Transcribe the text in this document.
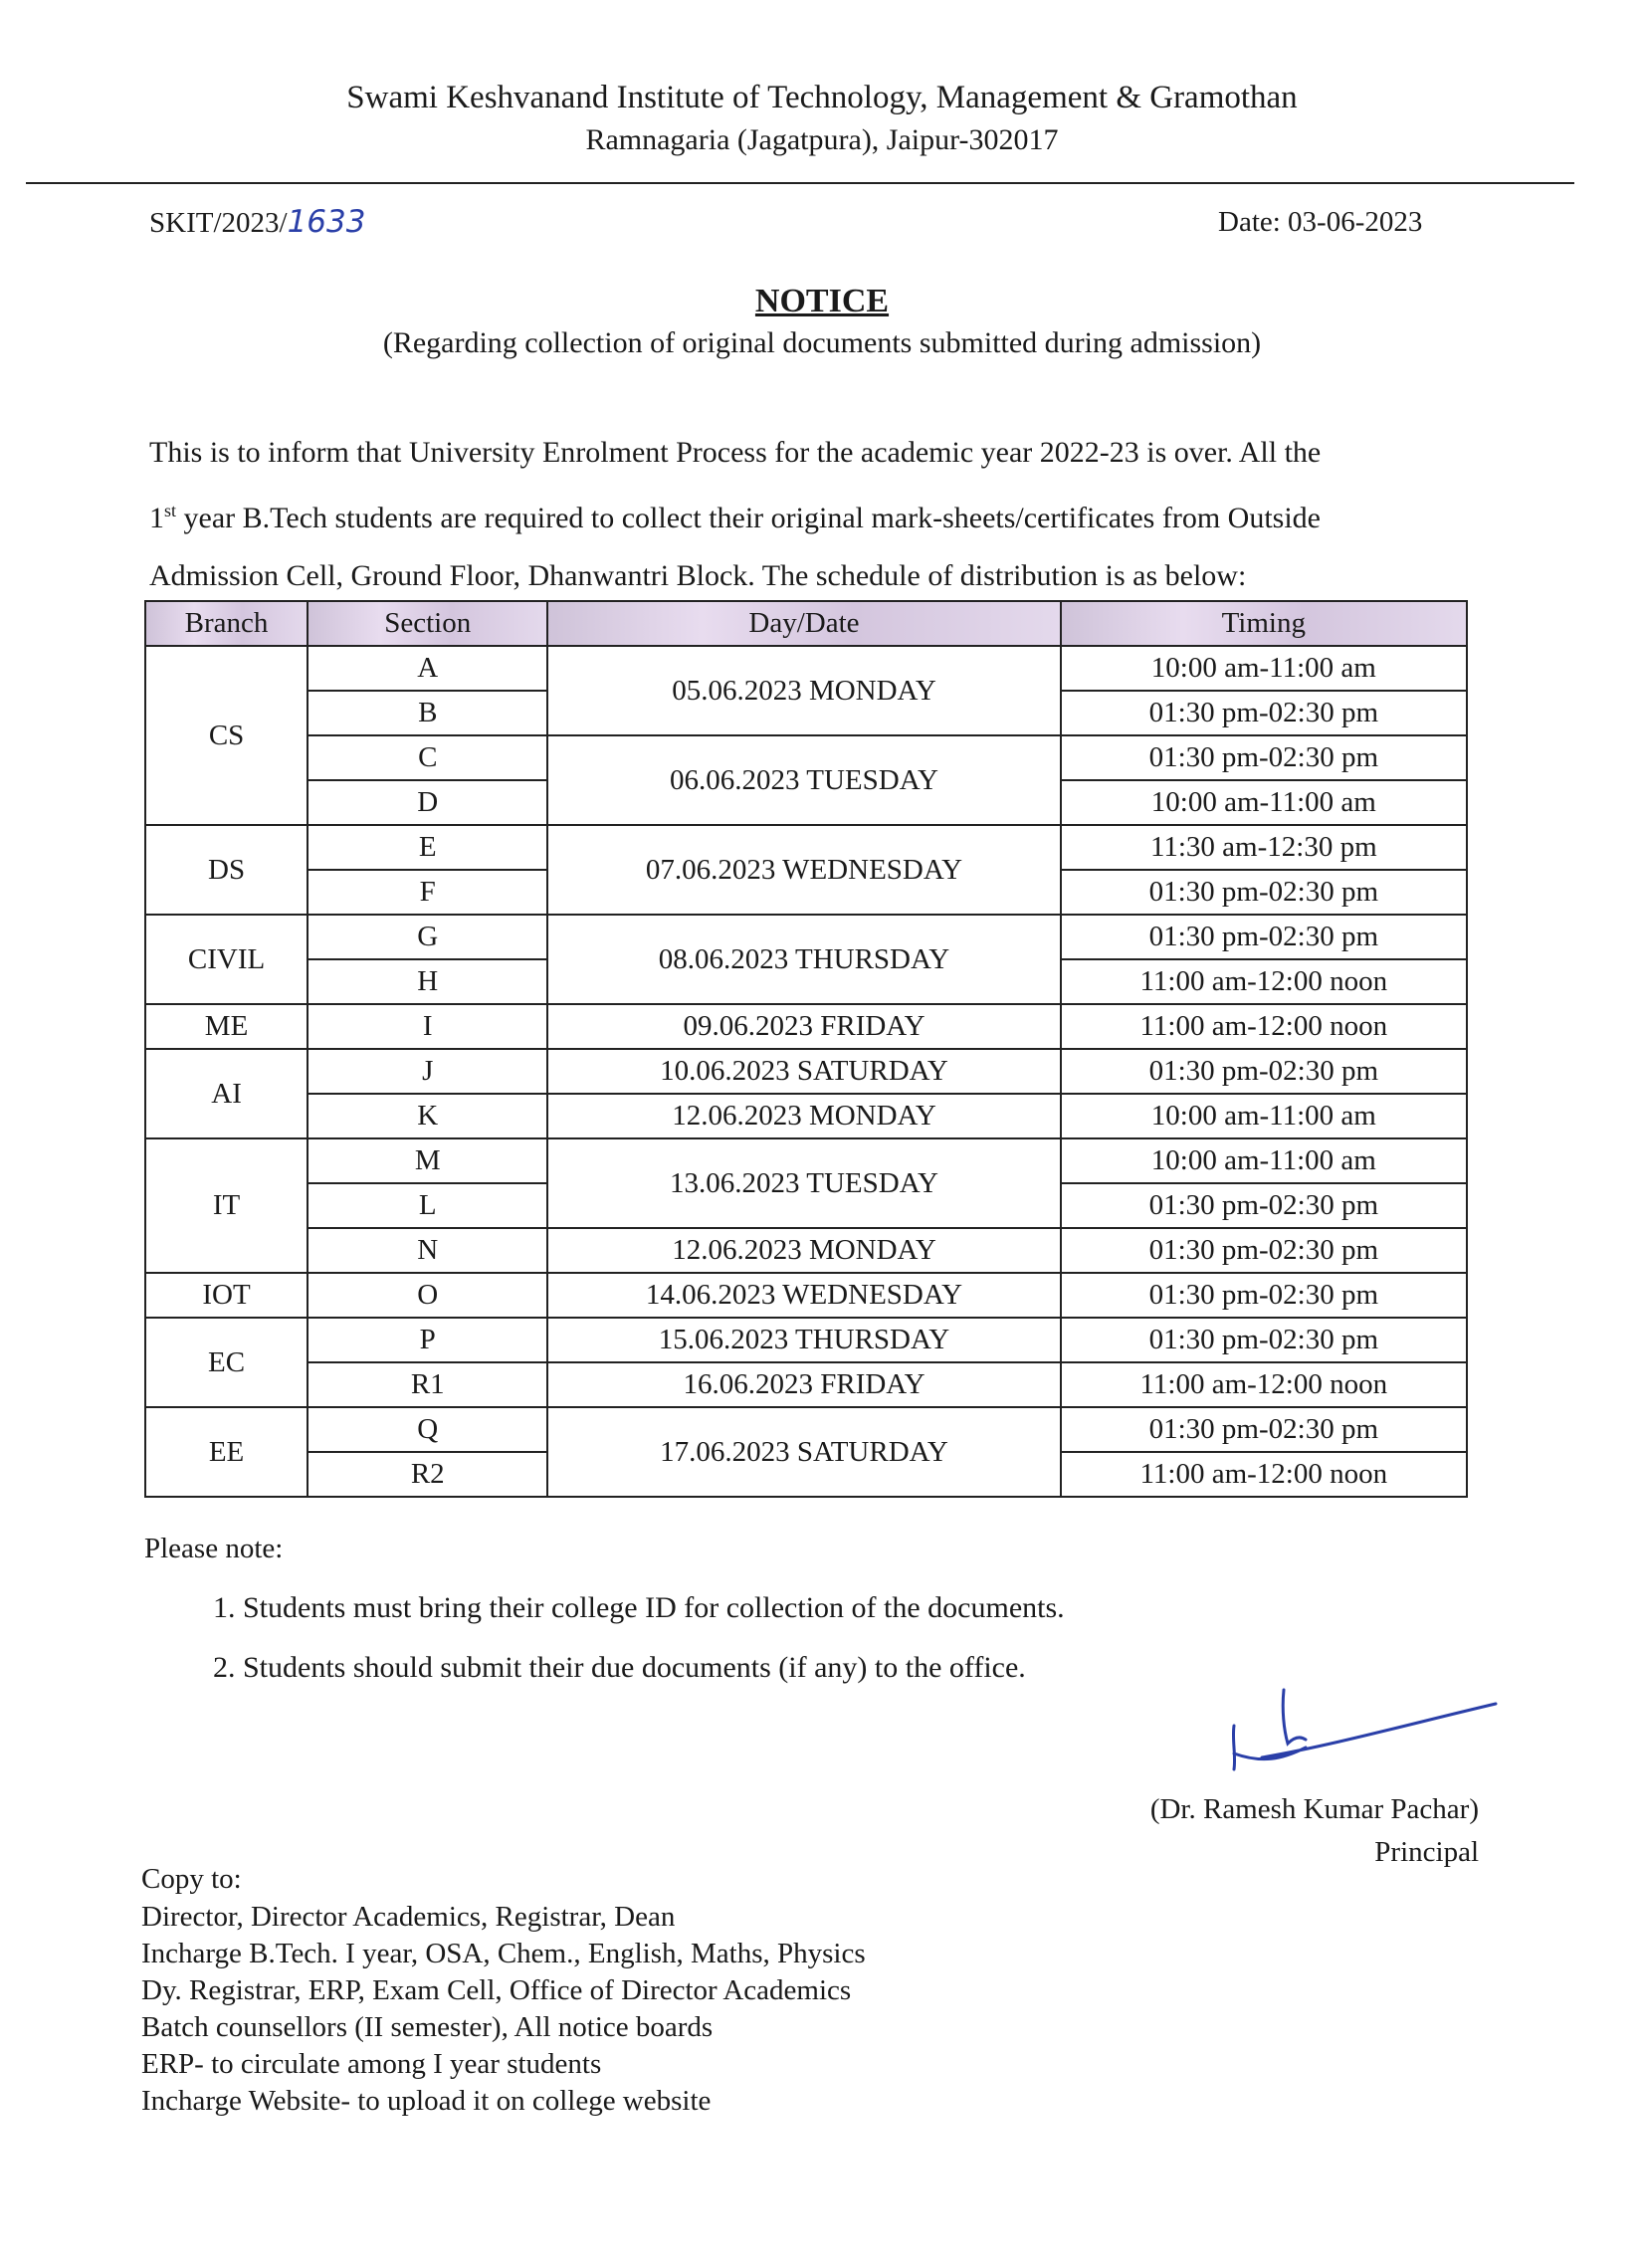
Swami Keshvanand Institute of Technology, Management & Gramothan
Ramnagaria (Jagatpura), Jaipur-302017
SKIT/2023/1633	Date: 03-06-2023
NOTICE
(Regarding collection of original documents submitted during admission)
This is to inform that University Enrolment Process for the academic year 2022-23 is over. All the
1st year B.Tech students are required to collect their original mark-sheets/certificates from Outside
Admission Cell, Ground Floor, Dhanwantri Block. The schedule of distribution is as below:
Branch	Section	Day/Date	Timing
CS	A	05.06.2023 MONDAY	10:00 am-11:00 am
	B		01:30 pm-02:30 pm
	C	06.06.2023 TUESDAY	01:30 pm-02:30 pm
	D		10:00 am-11:00 am
DS	E	07.06.2023 WEDNESDAY	11:30 am-12:30 pm
	F		01:30 pm-02:30 pm
CIVIL	G	08.06.2023 THURSDAY	01:30 pm-02:30 pm
	H		11:00 am-12:00 noon
ME	I	09.06.2023 FRIDAY	11:00 am-12:00 noon
AI	J	10.06.2023 SATURDAY	01:30 pm-02:30 pm
	K	12.06.2023 MONDAY	10:00 am-11:00 am
IT	M	13.06.2023 TUESDAY	10:00 am-11:00 am
	L		01:30 pm-02:30 pm
	N	12.06.2023 MONDAY	01:30 pm-02:30 pm
IOT	O	14.06.2023 WEDNESDAY	01:30 pm-02:30 pm
EC	P	15.06.2023 THURSDAY	01:30 pm-02:30 pm
	R1	16.06.2023 FRIDAY	11:00 am-12:00 noon
EE	Q	17.06.2023 SATURDAY	01:30 pm-02:30 pm
	R2		11:00 am-12:00 noon
Please note:
1. Students must bring their college ID for collection of the documents.
2. Students should submit their due documents (if any) to the office.
(Dr. Ramesh Kumar Pachar)
Principal
Copy to:
Director, Director Academics, Registrar, Dean
Incharge B.Tech. I year, OSA, Chem., English, Maths, Physics
Dy. Registrar, ERP, Exam Cell, Office of Director Academics
Batch counsellors (II semester), All notice boards
ERP- to circulate among I year students
Incharge Website- to upload it on college website
